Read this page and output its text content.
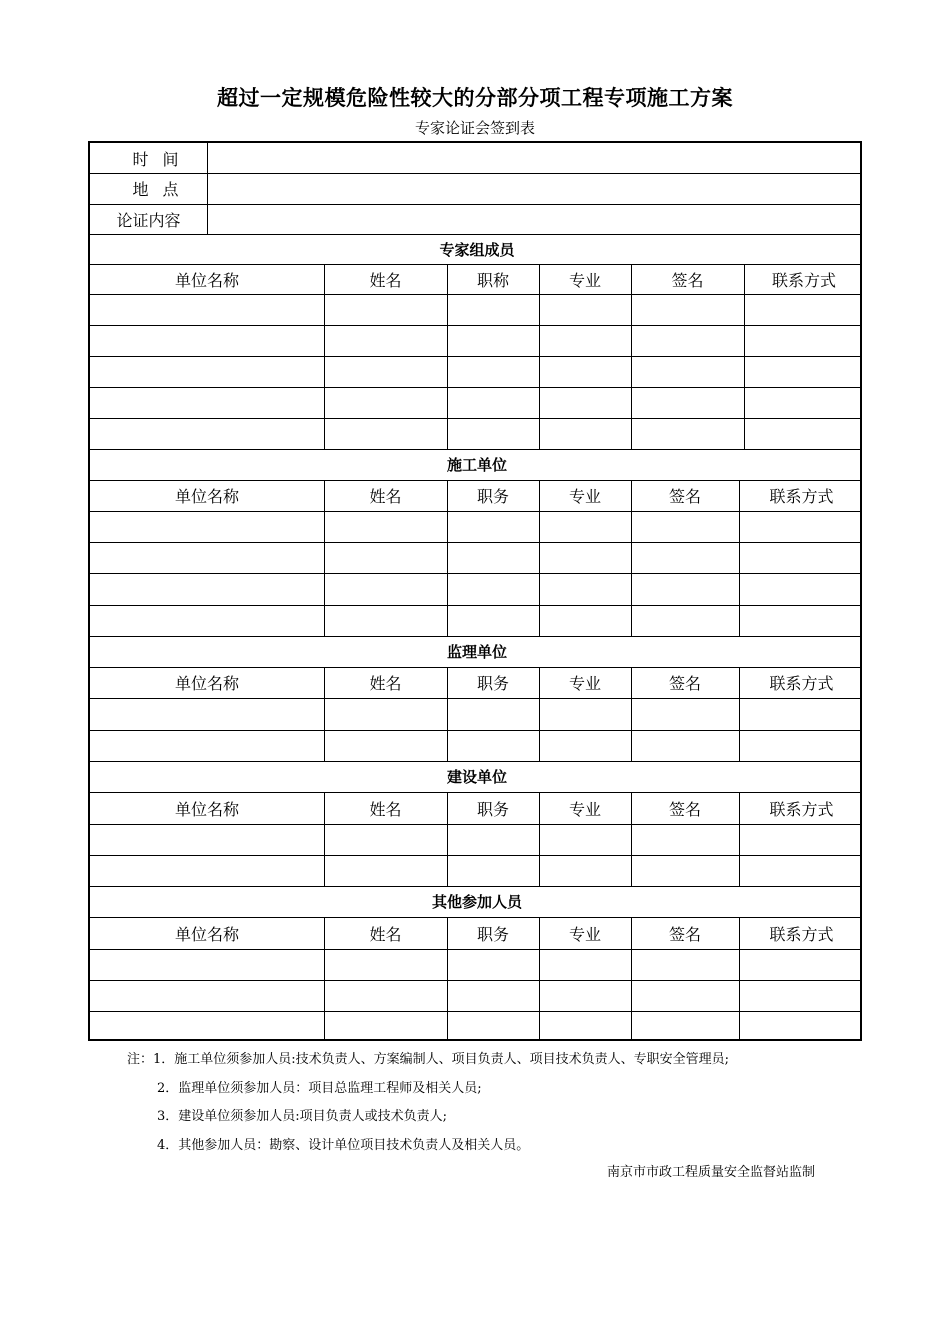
超过一定规模危险性较大的分部分项工程专项施工方案
专家论证会签到表
时间
地点
论证内容
专家组成员
单位名称	姓名	职称	专业	签名	联系方式
施工单位
单位名称	姓名	职务	专业	签名	联系方式
监理单位
单位名称	姓名	职务	专业	签名	联系方式
建设单位
单位名称	姓名	职务	专业	签名	联系方式
其他参加人员
单位名称	姓名	职务	专业	签名	联系方式
注：1．施工单位须参加人员:技术负责人、方案编制人、项目负责人、项目技术负责人、专职安全管理员;
2．监理单位须参加人员：项目总监理工程师及相关人员;
3．建设单位须参加人员:项目负责人或技术负责人;
4．其他参加人员：勘察、设计单位项目技术负责人及相关人员。
南京市市政工程质量安全监督站监制
